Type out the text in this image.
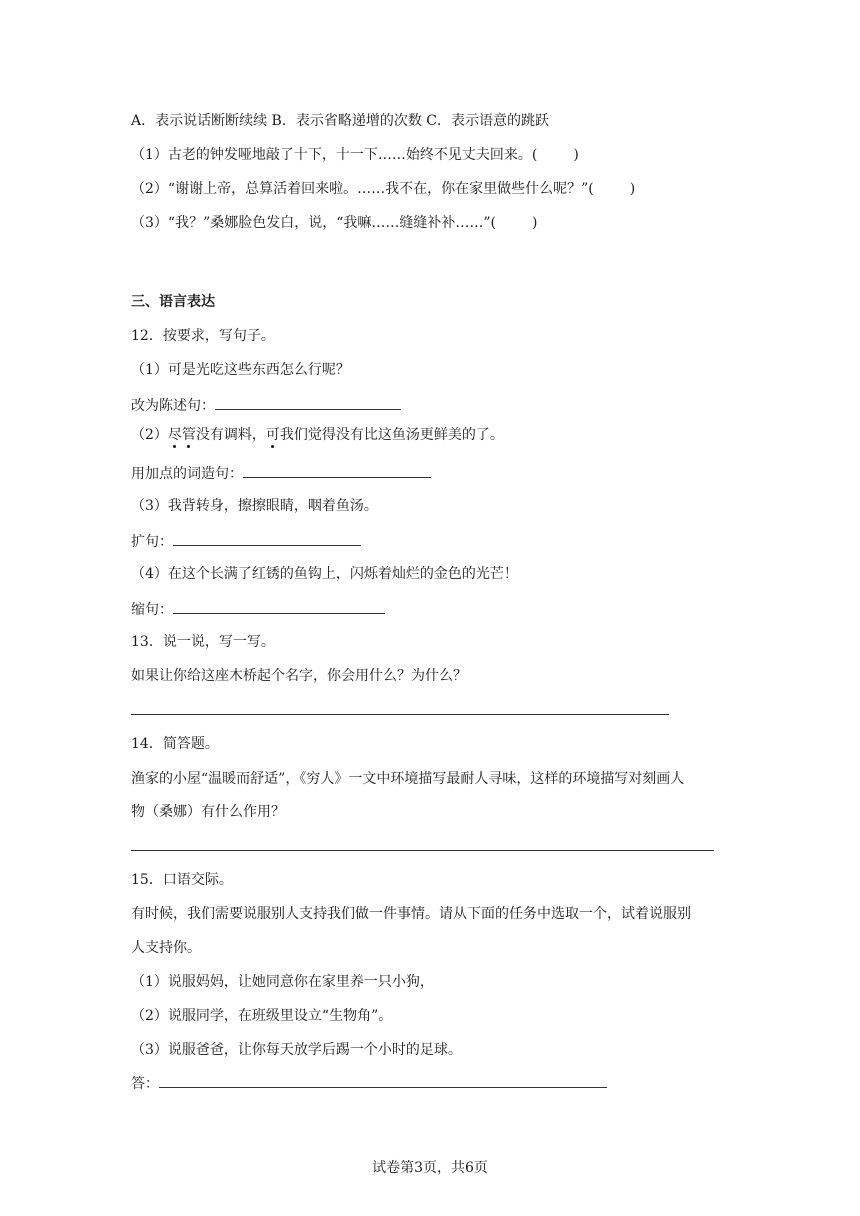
A．表示说话断断续续 B．表示省略递增的次数 C．表示语意的跳跃
（1）古老的钟发哑地敲了十下，十一下……始终不见丈夫回来。(	)
（2）“谢谢上帝，总算活着回来啦。……我不在，你在家里做些什么呢？”(	)
（3）“我？”桑娜脸色发白，说，“我嘛……缝缝补补……”(	)
三、语言表达
12．按要求，写句子。
（1）可是光吃这些东西怎么行呢？
改为陈述句：
（2）尽管没有调料，可我们觉得没有比这鱼汤更鲜美的了。
用加点的词造句：
（3）我背转身，擦擦眼睛，咽着鱼汤。
扩句：
（4）在这个长满了红锈的鱼钩上，闪烁着灿烂的金色的光芒！
缩句：
13．说一说，写一写。
如果让你给这座木桥起个名字，你会用什么？为什么？
14．简答题。
渔家的小屋“温暖而舒适”，《穷人》一文中环境描写最耐人寻味，这样的环境描写对刻画人
物（桑娜）有什么作用？
15．口语交际。
有时候，我们需要说服别人支持我们做一件事情。请从下面的任务中选取一个，试着说服别
人支持你。
（1）说服妈妈，让她同意你在家里养一只小狗，
（2）说服同学，在班级里设立“生物角”。
（3）说服爸爸，让你每天放学后踢一个小时的足球。
答：
试卷第3页，共6页
